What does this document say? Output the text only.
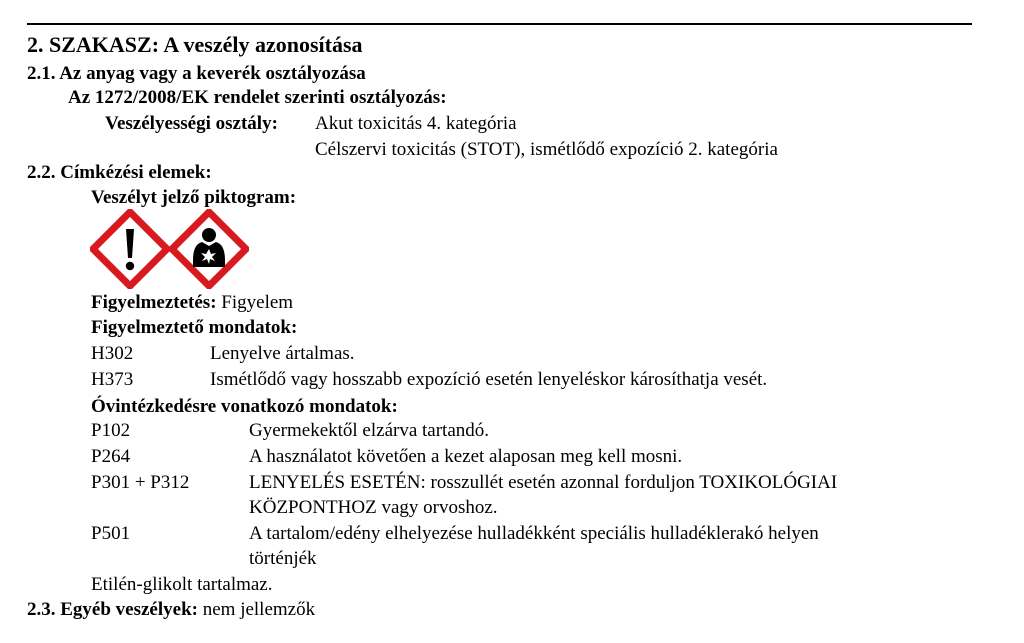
2. SZAKASZ: A veszély azonosítása
2.1. Az anyag vagy a keverék osztályozása
Az 1272/2008/EK rendelet szerinti osztályozás:
Veszélyességi osztály: Akut toxicitás 4. kategória
Célszervi toxicitás (STOT), ismétlődő expozíció 2. kategória
2.2. Címkézési elemek:
Veszélyt jelző piktogram:
Figyelmeztetés: Figyelem
Figyelmeztető mondatok:
H302	Lenyelve ártalmas.
H373	Ismétlődő vagy hosszabb expozíció esetén lenyeléskor károsíthatja vesét.
Óvintézkedésre vonatkozó mondatok:
P102	Gyermekektől elzárva tartandó.
P264	A használatot követően a kezet alaposan meg kell mosni.
P301 + P312	LENYELÉS ESETÉN: rosszullét esetén azonnal forduljon TOXIKOLÓGIAI
KÖZPONTHOZ vagy orvoshoz.
P501	A tartalom/edény elhelyezése hulladékként speciális hulladéklerakó helyen
történjék
Etilén-glikolt tartalmaz.
2.3. Egyéb veszélyek: nem jellemzők
